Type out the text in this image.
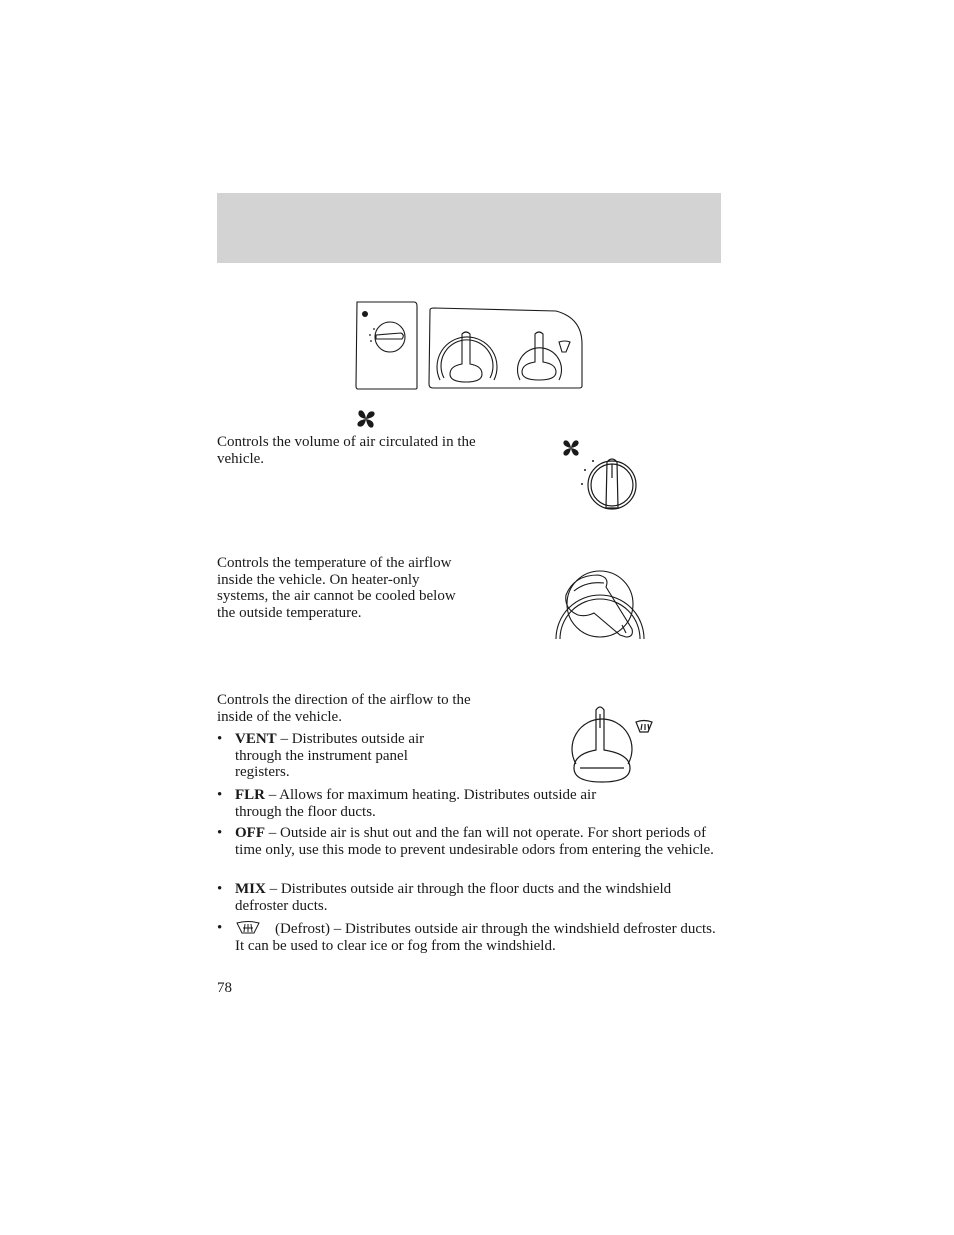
Controls the volume of air circulated in the vehicle.

Controls the temperature of the airflow inside the vehicle. On heater-only systems, the air cannot be cooled below the outside temperature.

Controls the direction of the airflow to the inside of the vehicle.

• VENT – Distributes outside air through the instrument panel registers.
• FLR – Allows for maximum heating. Distributes outside air through the floor ducts.
• OFF – Outside air is shut out and the fan will not operate. For short periods of time only, use this mode to prevent undesirable odors from entering the vehicle.
• MIX – Distributes outside air through the floor ducts and the windshield defroster ducts.
•	(Defrost) – Distributes outside air through the windshield defroster ducts. It can be used to clear ice or fog from the windshield.
78
